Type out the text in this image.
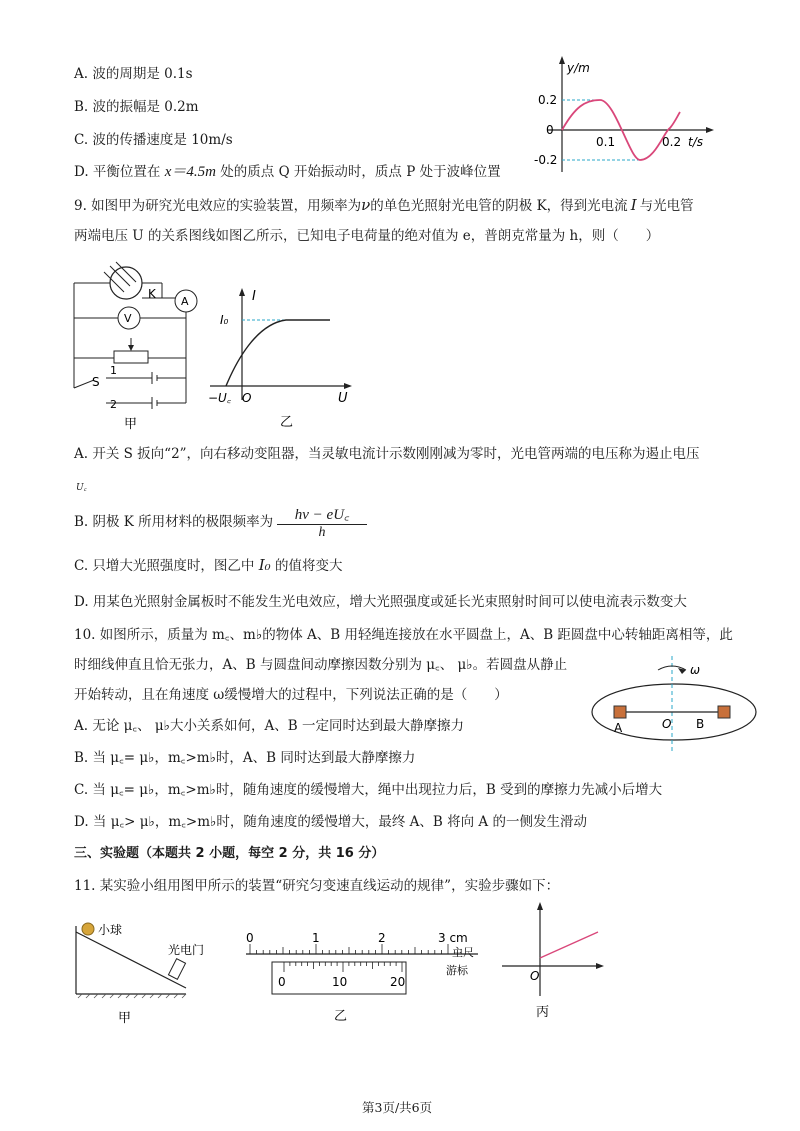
A. 波的周期是 0.1s
B. 波的振幅是 0.2m
C. 波的传播速度是 10m/s
D. 平衡位置在 x＝4.5m 处的质点 Q 开始振动时，质点 P 处于波峰位置
y/m
0.2
0
-0.2
0.1	0.2 t/s
9. 如图甲为研究光电效应的实验装置，用频率为ν的单色光照射光电管的阴极 K，得到光电流 I 与光电管
两端电压 U 的关系图线如图乙所示，已知电子电荷量的绝对值为 e，普朗克常量为 h，则（　　）
K
A
V
S
1
2
甲
I
I₀
−U꜀ O	U
乙
A. 开关 S 扳向“2”，向右移动变阻器，当灵敏电流计示数刚刚减为零时，光电管两端的电压称为遏止电压
U꜀
B. 阴极 K 所用材料的极限频率为 $\frac{h\nu - eU꜀}{h}$
C. 只增大光照强度时，图乙中 I₀ 的值将变大
D. 用某色光照射金属板时不能发生光电效应，增大光照强度或延长光束照射时间可以使电流表示数变大
10. 如图所示，质量为 m꜀、m♭的物体 A、B 用轻绳连接放在水平圆盘上，A、B 距圆盘中心转轴距离相等，此
时细线伸直且恰无张力，A、B 与圆盘间动摩擦因数分别为 μ꜀、 μ♭。若圆盘从静止
开始转动，且在角速度 ω缓慢增大的过程中，下列说法正确的是（　　）
ω
A	O B
A. 无论 μ꜀、 μ♭大小关系如何，A、B 一定同时达到最大静摩擦力
B. 当 μ꜀= μ♭，m꜀>m♭时，A、B 同时达到最大静摩擦力
C. 当 μ꜀= μ♭，m꜀>m♭时，随角速度的缓慢增大，绳中出现拉力后，B 受到的摩擦力先减小后增大
D. 当 μ꜀> μ♭，m꜀>m♭时，随角速度的缓慢增大，最终 A、B 将向 A 的一侧发生滑动
三、实验题（本题共 2 小题，每空 2 分，共 16 分）
11. 某实验小组用图甲所示的装置“研究匀变速直线运动的规律”，实验步骤如下：
小球
光电门
甲
0	1	2	3 cm
主尺
游标
0	10	20
乙
O
丙
第3页/共6页
